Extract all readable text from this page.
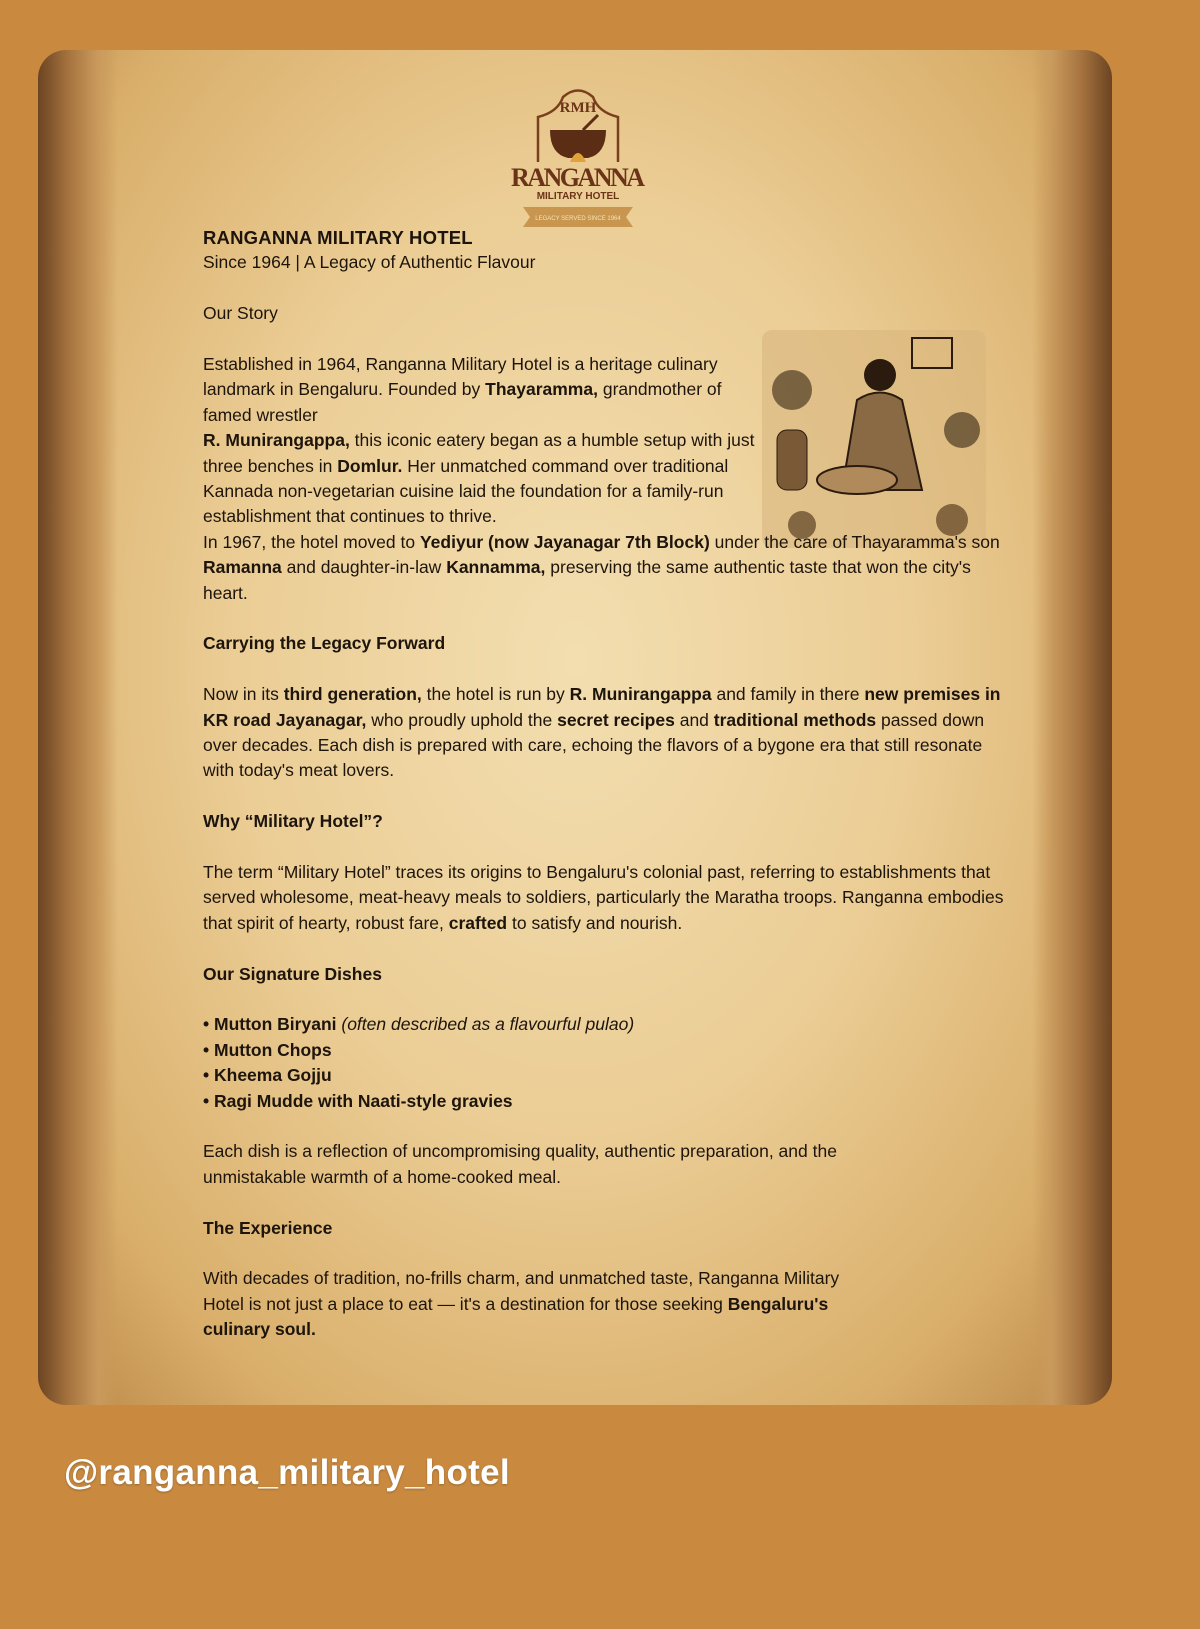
RMH
RANGANNA
MILITARY HOTEL
LEGACY SERVED SINCE 1964

RANGANNA MILITARY HOTEL

Since 1964 | A Legacy of Authentic Flavour

Our Story

Established in 1964, Ranganna Military Hotel is a heritage culinary landmark in Bengaluru. Founded by Thayaramma, grandmother of famed wrestler
R. Munirangappa, this iconic eatery began as a humble setup with just three benches in Domlur. Her unmatched command over traditional Kannada non-vegetarian cuisine laid the foundation for a family-run establishment that continues to thrive.

In 1967, the hotel moved to Yediyur (now Jayanagar 7th Block) under the care of Thayaramma's son Ramanna and daughter-in-law Kannamma, preserving the same authentic taste that won the city's heart.

Carrying the Legacy Forward

Now in its third generation, the hotel is run by R. Munirangappa and family in there new premises in KR road Jayanagar, who proudly uphold the secret recipes and traditional methods passed down over decades. Each dish is prepared with care, echoing the flavors of a bygone era that still resonate with today's meat lovers.

Why “Military Hotel”?

The term “Military Hotel” traces its origins to Bengaluru's colonial past, referring to establishments that served wholesome, meat-heavy meals to soldiers, particularly the Maratha troops. Ranganna embodies that spirit of hearty, robust fare, crafted to satisfy and nourish.

Our Signature Dishes

• Mutton Biryani (often described as a flavourful pulao)
• Mutton Chops
• Kheema Gojju
• Ragi Mudde with Naati-style gravies

Each dish is a reflection of uncompromising quality, authentic preparation, and the unmistakable warmth of a home-cooked meal.

The Experience

With decades of tradition, no-frills charm, and unmatched taste, Ranganna Military Hotel is not just a place to eat — it's a destination for those seeking Bengaluru's culinary soul.

@ranganna_military_hotel
